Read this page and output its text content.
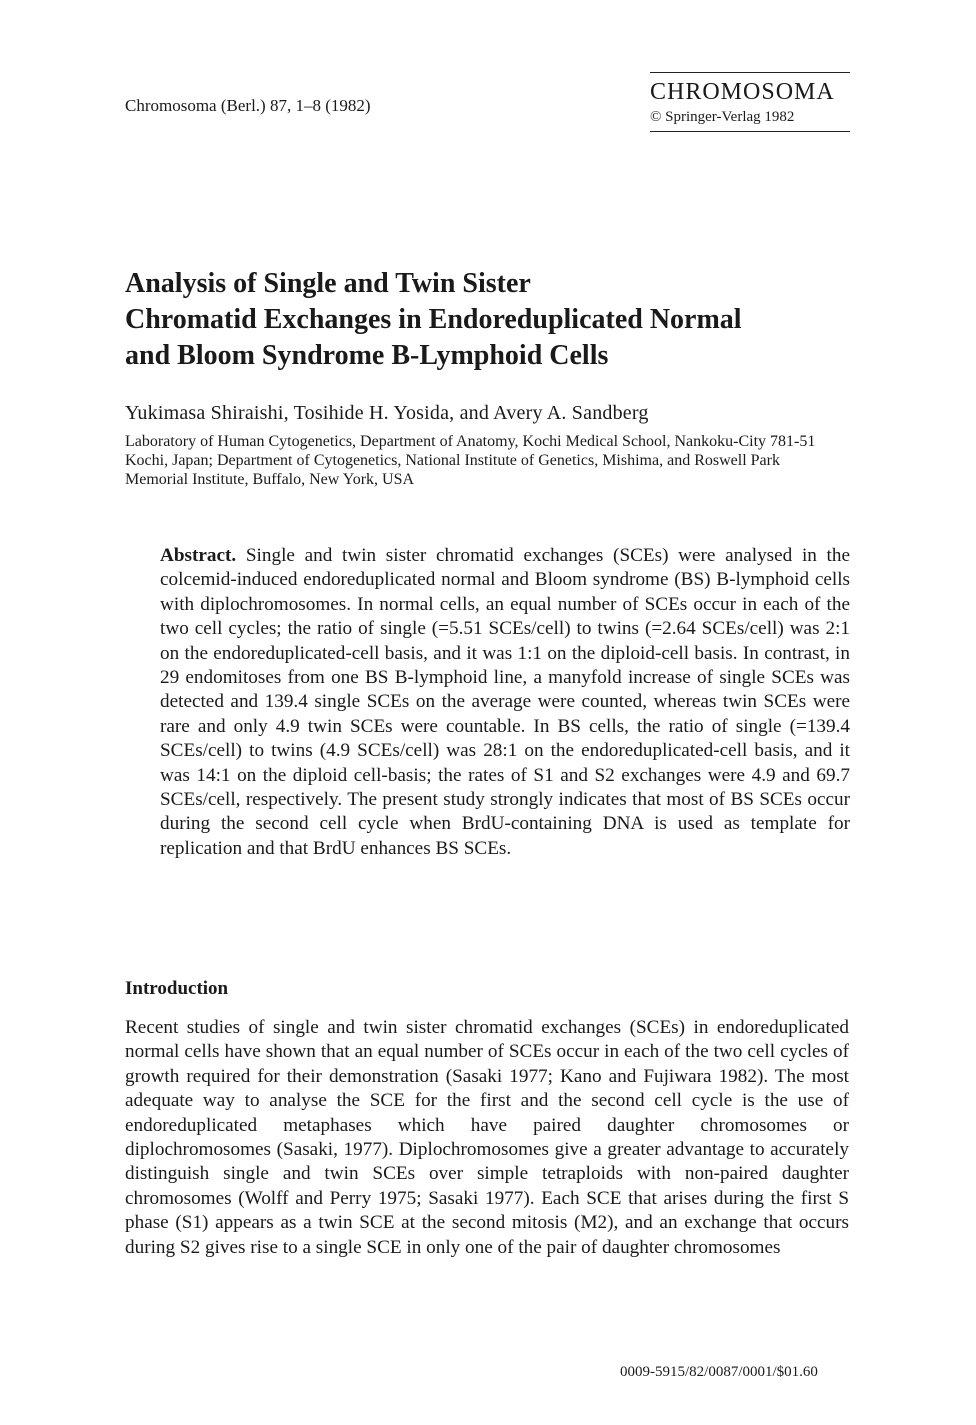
Chromosoma (Berl.) 87, 1–8 (1982)
CHROMOSOMA
© Springer-Verlag 1982
Analysis of Single and Twin Sister
Chromatid Exchanges in Endoreduplicated Normal
and Bloom Syndrome B-Lymphoid Cells
Yukimasa Shiraishi, Tosihide H. Yosida, and Avery A. Sandberg
Laboratory of Human Cytogenetics, Department of Anatomy, Kochi Medical School, Nankoku-City 781-51 Kochi, Japan; Department of Cytogenetics, National Institute of Genetics, Mishima, and Roswell Park Memorial Institute, Buffalo, New York, USA
Abstract. Single and twin sister chromatid exchanges (SCEs) were analysed in the colcemid-induced endoreduplicated normal and Bloom syndrome (BS) B-lymphoid cells with diplochromosomes. In normal cells, an equal number of SCEs occur in each of the two cell cycles; the ratio of single (=5.51 SCEs/cell) to twins (=2.64 SCEs/cell) was 2:1 on the endoreduplicated-cell basis, and it was 1:1 on the diploid-cell basis. In contrast, in 29 endomitoses from one BS B-lymphoid line, a manyfold increase of single SCEs was detected and 139.4 single SCEs on the average were counted, whereas twin SCEs were rare and only 4.9 twin SCEs were countable. In BS cells, the ratio of single (=139.4 SCEs/cell) to twins (4.9 SCEs/cell) was 28:1 on the endoreduplicated-cell basis, and it was 14:1 on the diploid cell-basis; the rates of S1 and S2 exchanges were 4.9 and 69.7 SCEs/cell, respectively. The present study strongly indicates that most of BS SCEs occur during the second cell cycle when BrdU-containing DNA is used as template for replication and that BrdU enhances BS SCEs.
Introduction
Recent studies of single and twin sister chromatid exchanges (SCEs) in endoreduplicated normal cells have shown that an equal number of SCEs occur in each of the two cell cycles of growth required for their demonstration (Sasaki 1977; Kano and Fujiwara 1982). The most adequate way to analyse the SCE for the first and the second cell cycle is the use of endoreduplicated metaphases which have paired daughter chromosomes or diplochromosomes (Sasaki, 1977). Diplochromosomes give a greater advantage to accurately distinguish single and twin SCEs over simple tetraploids with non-paired daughter chromosomes (Wolff and Perry 1975; Sasaki 1977). Each SCE that arises during the first S phase (S1) appears as a twin SCE at the second mitosis (M2), and an exchange that occurs during S2 gives rise to a single SCE in only one of the pair of daughter chromosomes
0009-5915/82/0087/0001/$01.60
